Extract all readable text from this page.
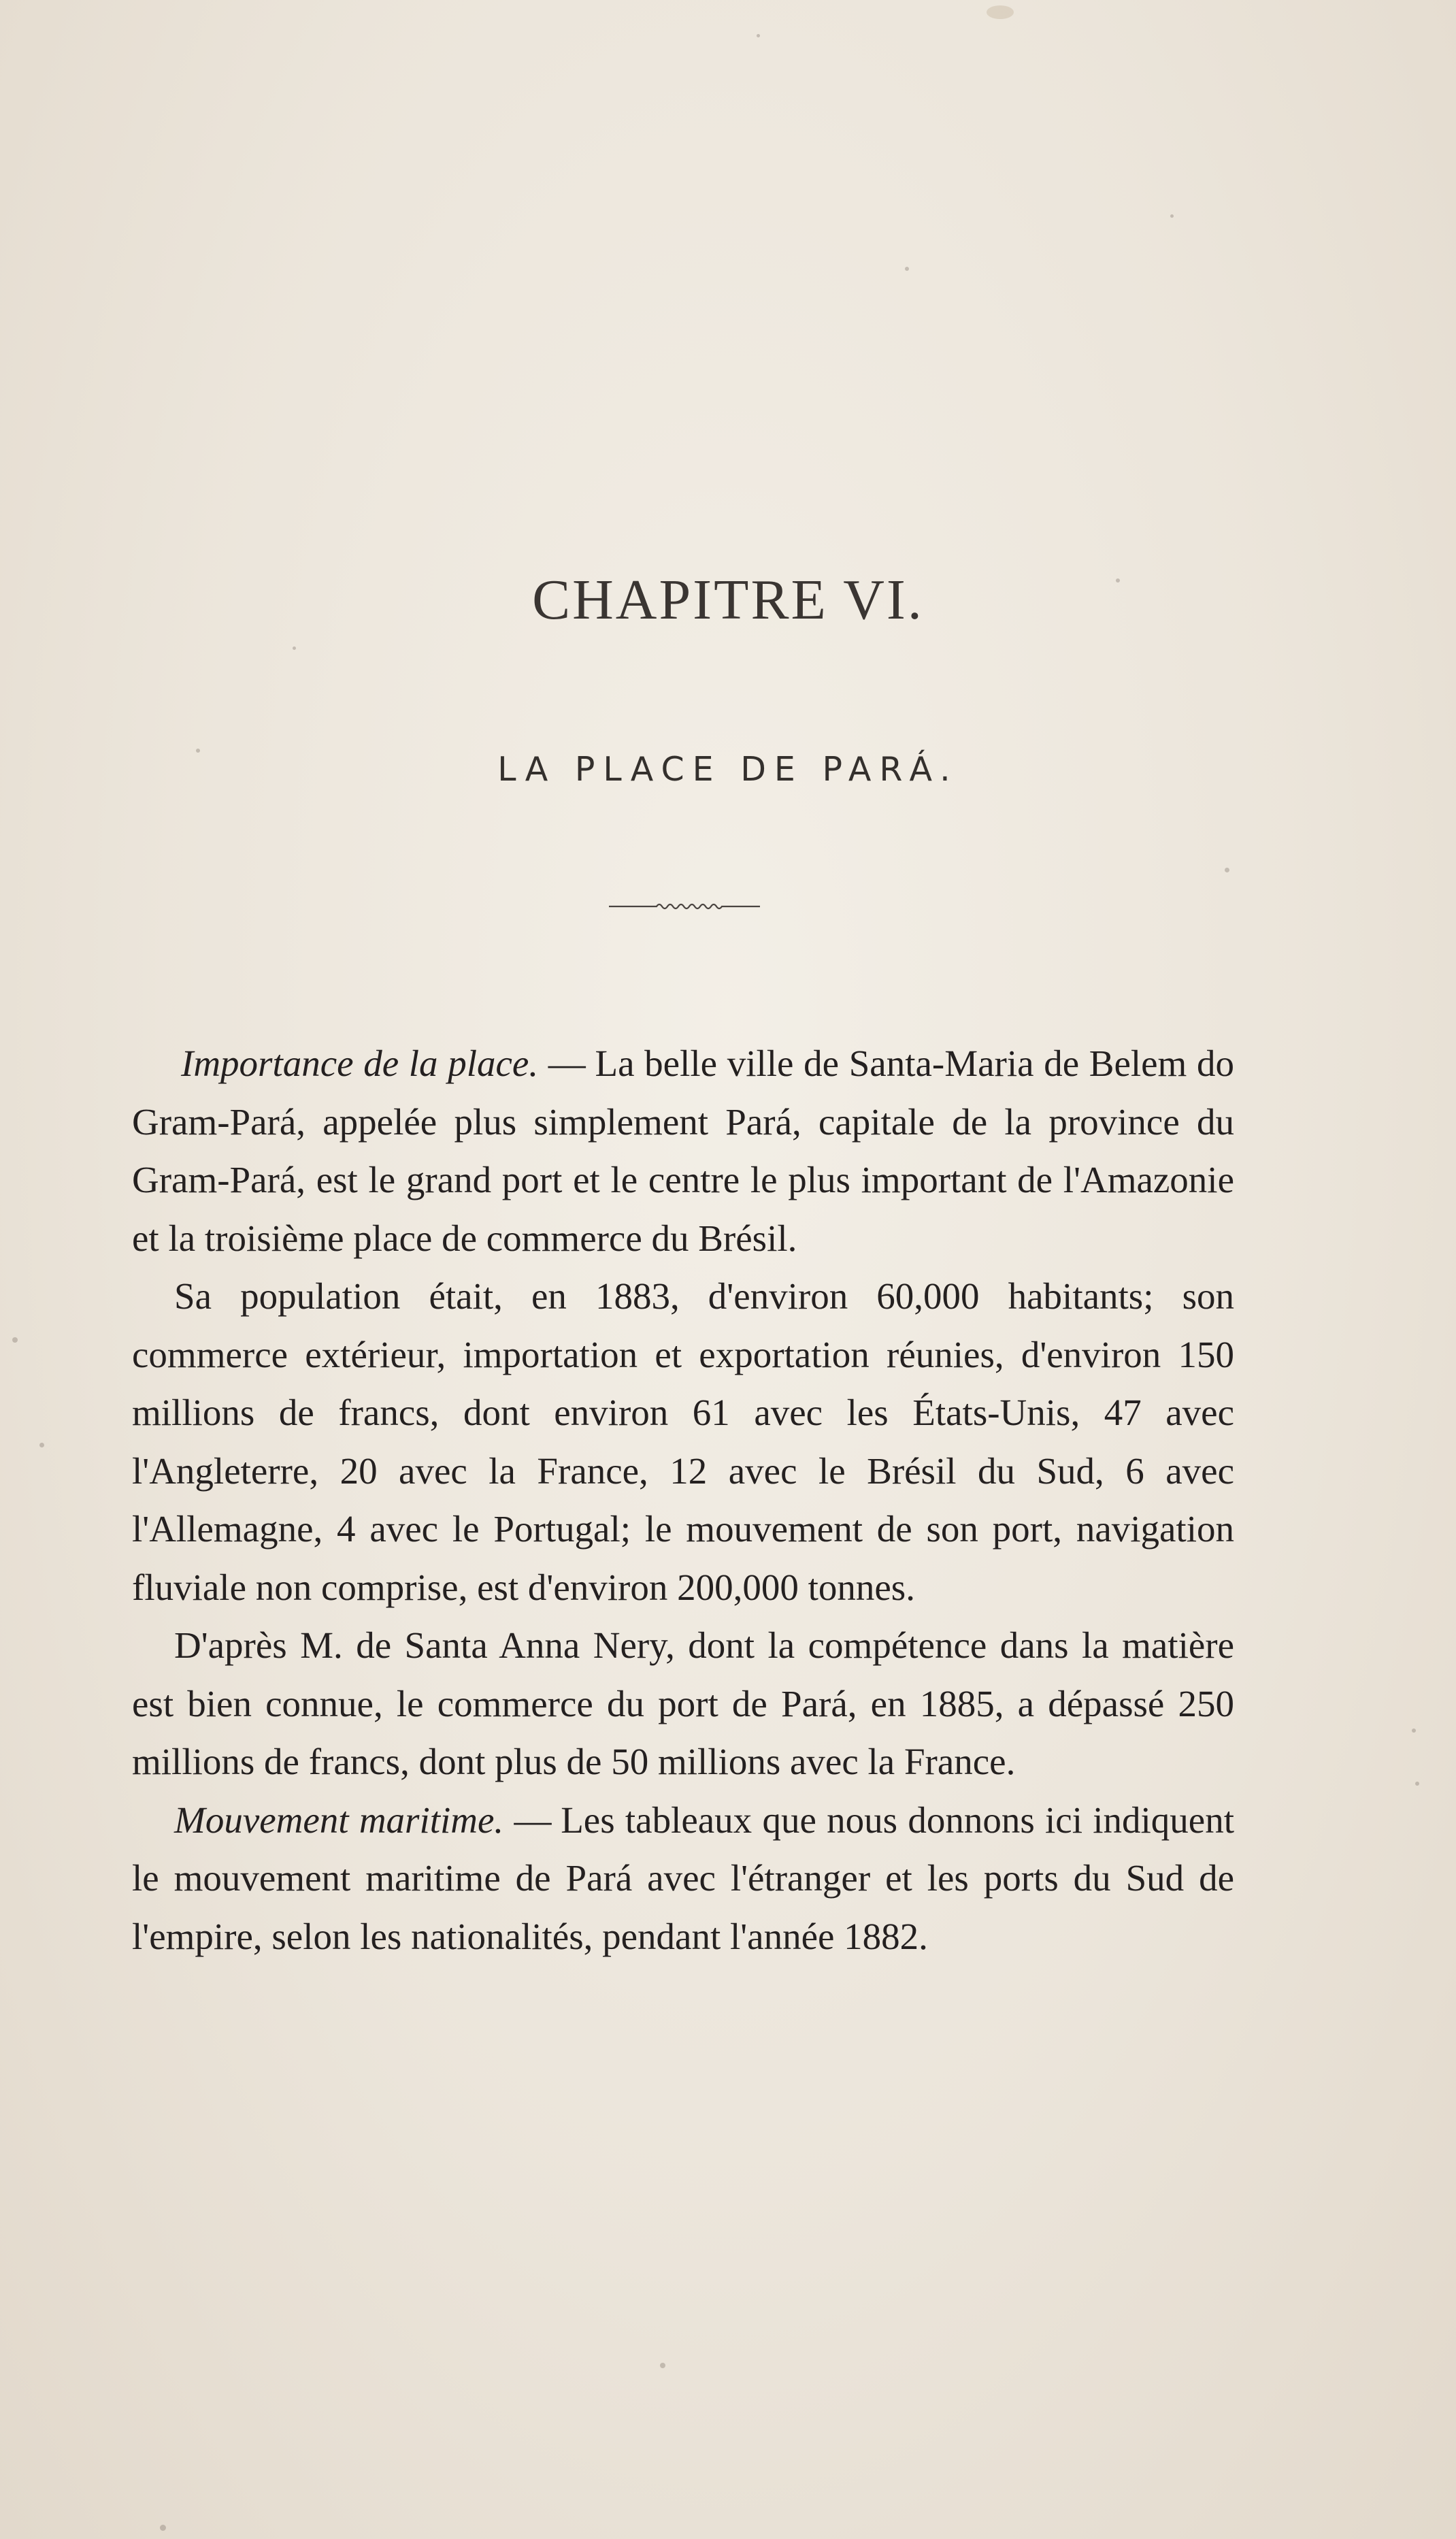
CHAPITRE VI.
LA PLACE DE PARÁ.

Importance de la place. — La belle ville de Santa-Maria de Belem do Gram-Pará, appelée plus simplement Pará, capitale de la province du Gram-Pará, est le grand port et le centre le plus important de l'Amazonie et la troisième place de commerce du Brésil.

Sa population était, en 1883, d'environ 60,000 habitants; son commerce extérieur, importation et exportation réunies, d'environ 150 millions de francs, dont environ 61 avec les États-Unis, 47 avec l'Angleterre, 20 avec la France, 12 avec le Brésil du Sud, 6 avec l'Allemagne, 4 avec le Portugal; le mouvement de son port, navigation fluviale non comprise, est d'environ 200,000 tonnes.

D'après M. de Santa Anna Nery, dont la compétence dans la matière est bien connue, le commerce du port de Pará, en 1885, a dépassé 250 millions de francs, dont plus de 50 millions avec la France.

Mouvement maritime. — Les tableaux que nous donnons ici indiquent le mouvement maritime de Pará avec l'étranger et les ports du Sud de l'empire, selon les nationalités, pendant l'année 1882.
